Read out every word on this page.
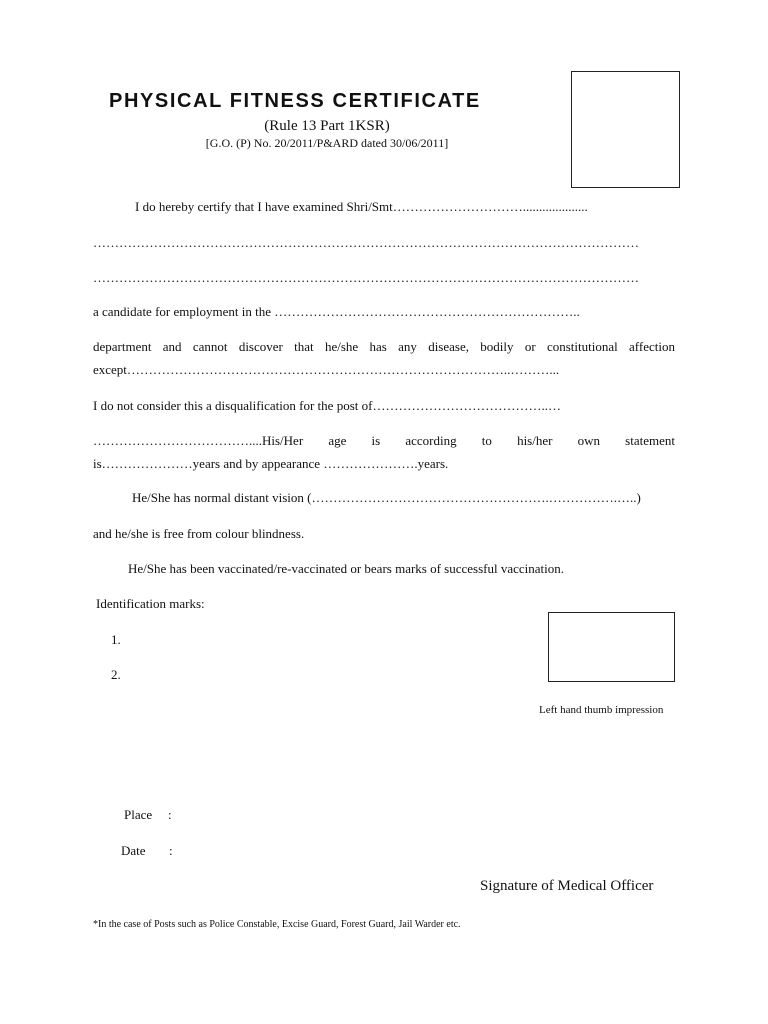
PHYSICAL FITNESS CERTIFICATE
(Rule 13 Part 1KSR)
[G.O. (P) No. 20/2011/P&ARD dated 30/06/2011]
I do hereby certify that I have examined Shri/Smt…………………………....................
………………………………………………………………………………………………………………
………………………………………………………………………………………………………………
a candidate for employment in the ……………………………………………………………..
department and cannot discover that he/she has any disease, bodily or constitutional affection
except……………………………………………………………………………..………...
I do not consider this a disqualification for the post of…………………………………..…
………………………………....His/Her age is according to his/her own statement
is…………………years and by appearance ………………….years.
He/She has normal distant vision (……………………………………………….…………….…..)
and he/she is free from colour blindness.
He/She has been vaccinated/re-vaccinated or bears marks of successful vaccination.
Identification marks:
1.
2.
Left hand thumb impression
Place :
Date :
Signature of Medical Officer
*In the case of Posts such as Police Constable, Excise Guard, Forest Guard, Jail Warder etc.
